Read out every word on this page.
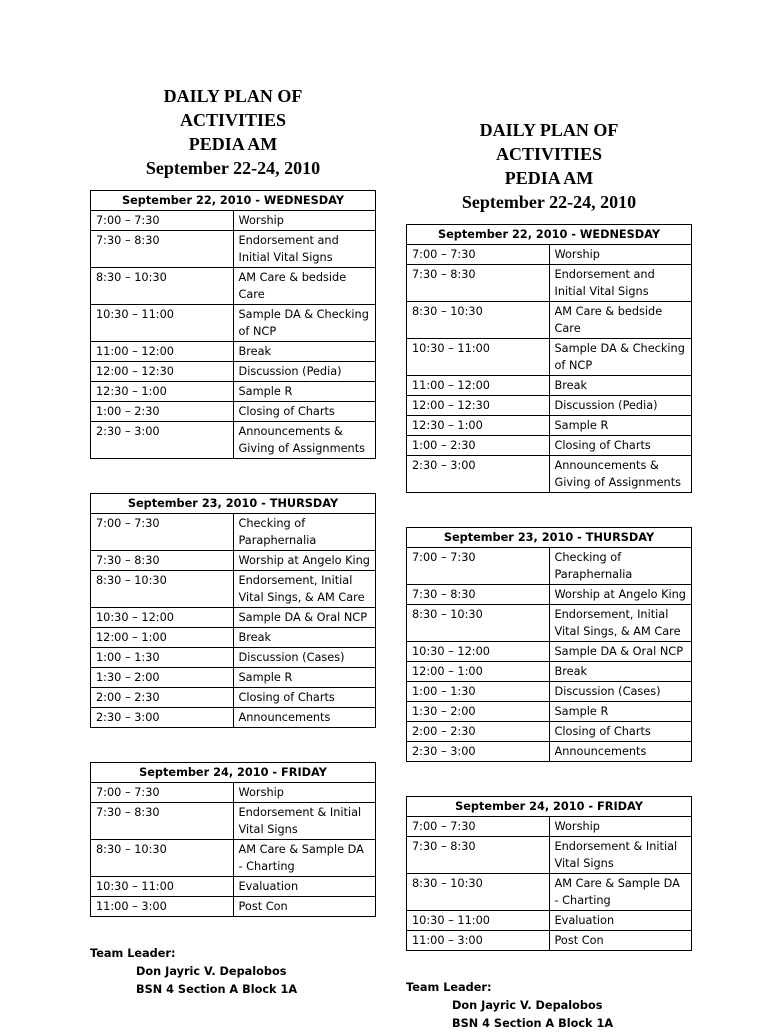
DAILY PLAN OF
ACTIVITIES
PEDIA AM
September 22-24, 2010
September 22, 2010 - WEDNESDAY	
7:00 – 7:30	Worship
7:30 – 8:30	Endorsement and Initial Vital Signs
8:30 – 10:30	AM Care & bedside Care
10:30 – 11:00	Sample DA & Checking of NCP
11:00 – 12:00	Break
12:00 – 12:30	Discussion (Pedia)
12:30 – 1:00	Sample R
1:00 – 2:30	Closing of Charts
2:30 – 3:00	Announcements & Giving of Assignments
September 23, 2010 - THURSDAY	
7:00 – 7:30	Checking of Paraphernalia
7:30 – 8:30	Worship at Angelo King
8:30 – 10:30	Endorsement, Initial Vital Sings, & AM Care
10:30 – 12:00	Sample DA & Oral NCP
12:00 – 1:00	Break
1:00 – 1:30	Discussion (Cases)
1:30 – 2:00	Sample R
2:00 – 2:30	Closing of Charts
2:30 – 3:00	Announcements
September 24, 2010 - FRIDAY	
7:00 – 7:30	Worship
7:30 – 8:30	Endorsement & Initial Vital Signs
8:30 – 10:30	AM Care & Sample DA - Charting
10:30 – 11:00	Evaluation
11:00 – 3:00	Post Con
Team Leader:
Don Jayric V. Depalobos
BSN 4 Section A Block 1A
DAILY PLAN OF
ACTIVITIES
PEDIA AM
September 22-24, 2010
September 22, 2010 - WEDNESDAY	
7:00 – 7:30	Worship
7:30 – 8:30	Endorsement and Initial Vital Signs
8:30 – 10:30	AM Care & bedside Care
10:30 – 11:00	Sample DA & Checking of NCP
11:00 – 12:00	Break
12:00 – 12:30	Discussion (Pedia)
12:30 – 1:00	Sample R
1:00 – 2:30	Closing of Charts
2:30 – 3:00	Announcements & Giving of Assignments
September 23, 2010 - THURSDAY	
7:00 – 7:30	Checking of Paraphernalia
7:30 – 8:30	Worship at Angelo King
8:30 – 10:30	Endorsement, Initial Vital Sings, & AM Care
10:30 – 12:00	Sample DA & Oral NCP
12:00 – 1:00	Break
1:00 – 1:30	Discussion (Cases)
1:30 – 2:00	Sample R
2:00 – 2:30	Closing of Charts
2:30 – 3:00	Announcements
September 24, 2010 - FRIDAY	
7:00 – 7:30	Worship
7:30 – 8:30	Endorsement & Initial Vital Signs
8:30 – 10:30	AM Care & Sample DA - Charting
10:30 – 11:00	Evaluation
11:00 – 3:00	Post Con
Team Leader:
Don Jayric V. Depalobos
BSN 4 Section A Block 1A
